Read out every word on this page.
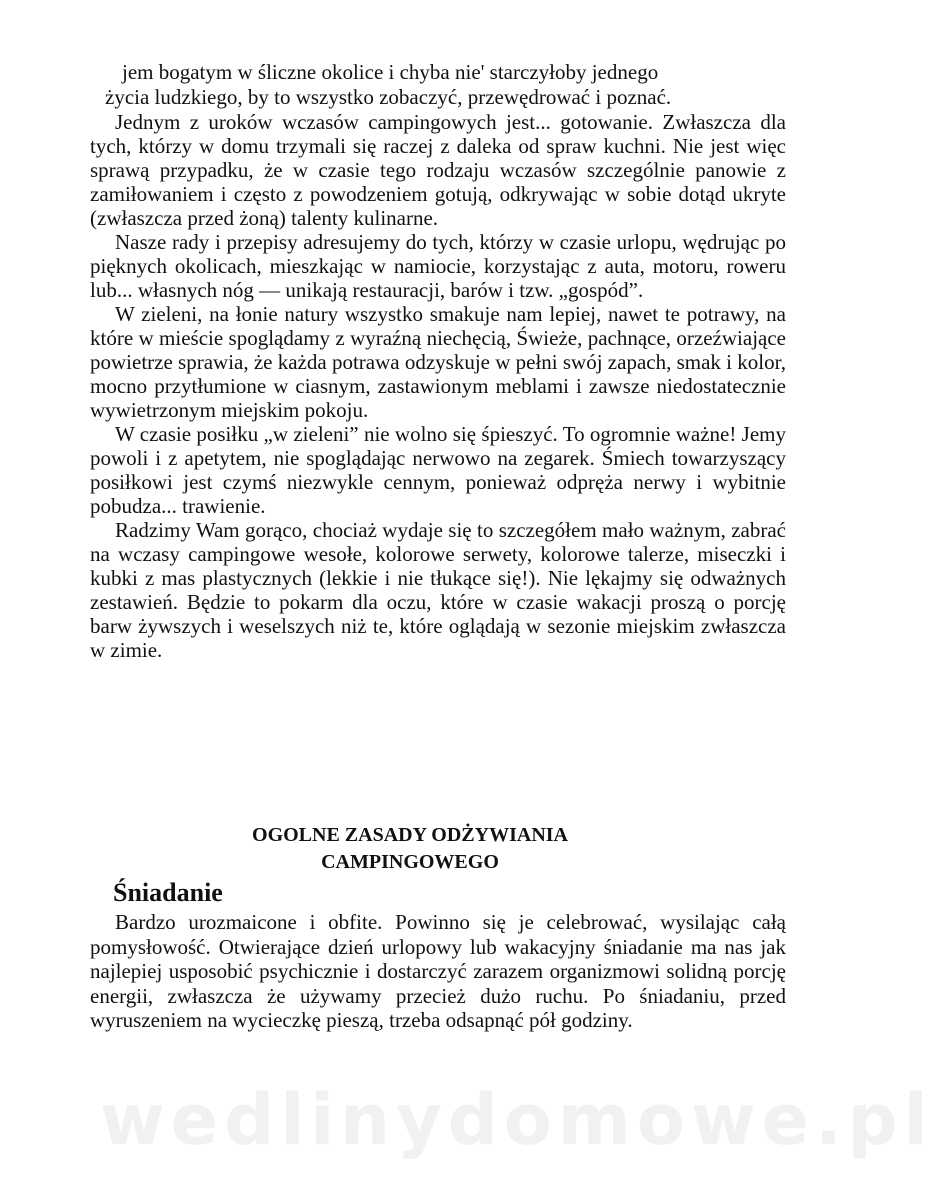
jem bogatym w śliczne okolice i chyba nie' starczyłoby jednego

życia ludzkiego, by to wszystko zobaczyć, przewędrować i poznać.

Jednym z uroków wczasów campingowych jest... gotowanie. Zwłaszcza dla tych, którzy w domu trzymali się raczej z daleka od spraw kuchni. Nie jest więc sprawą przypadku, że w czasie tego rodzaju wczasów szczególnie panowie z zamiłowaniem i często z powodzeniem gotują, odkrywając w sobie dotąd ukryte (zwłaszcza przed żoną) talenty kulinarne.

Nasze rady i przepisy adresujemy do tych, którzy w czasie urlopu, wędrując po pięknych okolicach, mieszkając w namiocie, korzystając z auta, motoru, roweru lub... własnych nóg — unikają restauracji, barów i tzw. „gospód”.

W zieleni, na łonie natury wszystko smakuje nam lepiej, nawet te potrawy, na które w mieście spoglądamy z wyraźną niechęcią, Świeże, pachnące, orzeźwiające powietrze sprawia, że każda potrawa odzyskuje w pełni swój zapach, smak i kolor, mocno przytłumione w ciasnym, zastawionym meblami i zawsze niedostatecznie wywietrzonym miejskim pokoju.

W czasie posiłku „w zieleni” nie wolno się śpieszyć. To ogromnie ważne! Jemy powoli i z apetytem, nie spoglądając nerwowo na zegarek. Śmiech towarzyszący posiłkowi jest czymś niezwykle cennym, ponieważ odpręża nerwy i wybitnie pobudza... trawienie.

Radzimy Wam gorąco, chociaż wydaje się to szczegółem mało ważnym, zabrać na wczasy campingowe wesołe, kolorowe serwety, kolorowe talerze, miseczki i kubki z mas plastycznych (lekkie i nie tłukące się!). Nie lękajmy się odważnych zestawień. Będzie to pokarm dla oczu, które w czasie wakacji proszą o porcję barw żywszych i weselszych niż te, które oglądają w sezonie miejskim zwłaszcza w zimie.

OGOLNE ZASADY ODŻYWIANIA CAMPINGOWEGO
Śniadanie

Bardzo urozmaicone i obfite. Powinno się je celebrować, wysilając całą pomysłowość. Otwierające dzień urlopowy lub wakacyjny śniadanie ma nas jak najlepiej usposobić psychicznie i dostarczyć zarazem organizmowi solidną porcję energii, zwłaszcza że używamy przecież dużo ruchu. Po śniadaniu, przed wyruszeniem na wycieczkę pieszą, trzeba odsapnąć pół godziny.

wedlinydomowe.pl
